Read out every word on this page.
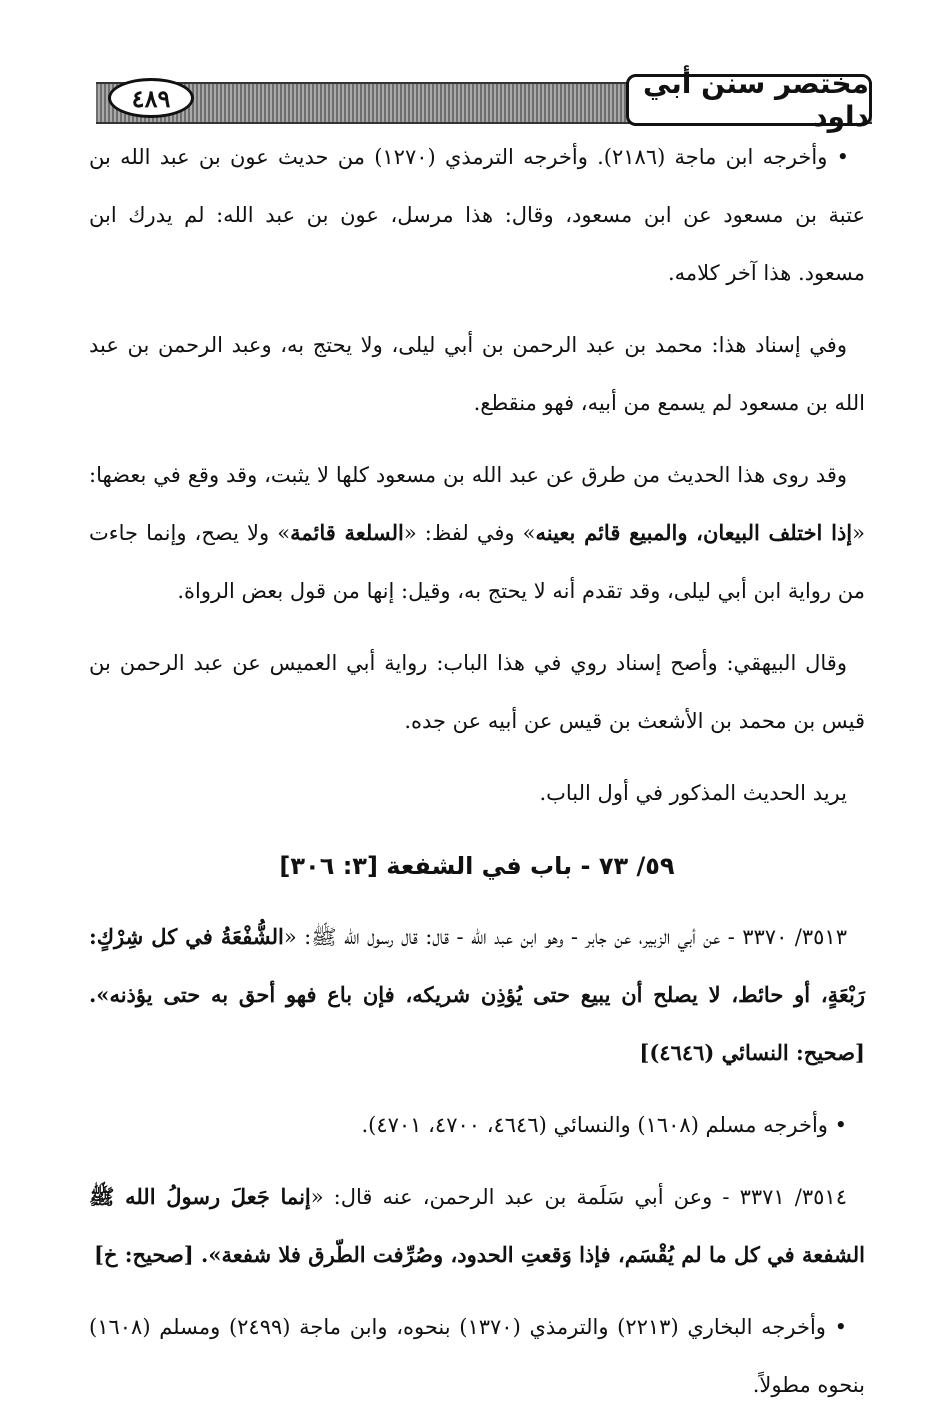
مختصر سنن أبي داود
٤٨٩

• وأخرجه ابن ماجة (٢١٨٦). وأخرجه الترمذي (١٢٧٠) من حديث عون بن عبد الله بن عتبة بن مسعود عن ابن مسعود، وقال: هذا مرسل، عون بن عبد الله: لم يدرك ابن مسعود. هذا آخر كلامه.

وفي إسناد هذا: محمد بن عبد الرحمن بن أبي ليلى، ولا يحتج به، وعبد الرحمن بن عبد الله بن مسعود لم يسمع من أبيه، فهو منقطع.

وقد روى هذا الحديث من طرق عن عبد الله بن مسعود كلها لا يثبت، وقد وقع في بعضها: «إذا اختلف البيعان، والمبيع قائم بعينه» وفي لفظ: «السلعة قائمة» ولا يصح، وإنما جاءت من رواية ابن أبي ليلى، وقد تقدم أنه لا يحتج به، وقيل: إنها من قول بعض الرواة.

وقال البيهقي: وأصح إسناد روي في هذا الباب: رواية أبي العميس عن عبد الرحمن بن قيس بن محمد بن الأشعث بن قيس عن أبيه عن جده.

يريد الحديث المذكور في أول الباب.

٥٩/ ٧٣ - باب في الشفعة [٣: ٣٠٦]

٣٥١٣/ ٣٣٧٠ - عن أبي الزبير، عن جابر - وهو ابن عبد الله - قال: قال رسول الله ﷺ: «الشُّفْعَةُ في كل شِرْكٍ: رَبْعَةٍ، أو حائط، لا يصلح أن يبيع حتى يُؤذِن شريكه، فإن باع فهو أحق به حتى يؤذنه». [صحيح: النسائي (٤٦٤٦)]

• وأخرجه مسلم (١٦٠٨) والنسائي (٤٦٤٦، ٤٧٠٠، ٤٧٠١).

٣٥١٤/ ٣٣٧١ - وعن أبي سَلَمة بن عبد الرحمن، عنه قال: «إنما جَعلَ رسولُ الله ﷺ الشفعة في كل ما لم يُقْسَم، فإذا وَقعتِ الحدود، وصُرِّفت الطّرق فلا شفعة». [صحيح: خ]

• وأخرجه البخاري (٢٢١٣) والترمذي (١٣٧٠) بنحوه، وابن ماجة (٢٤٩٩) ومسلم (١٦٠٨) بنحوه مطولاً.
